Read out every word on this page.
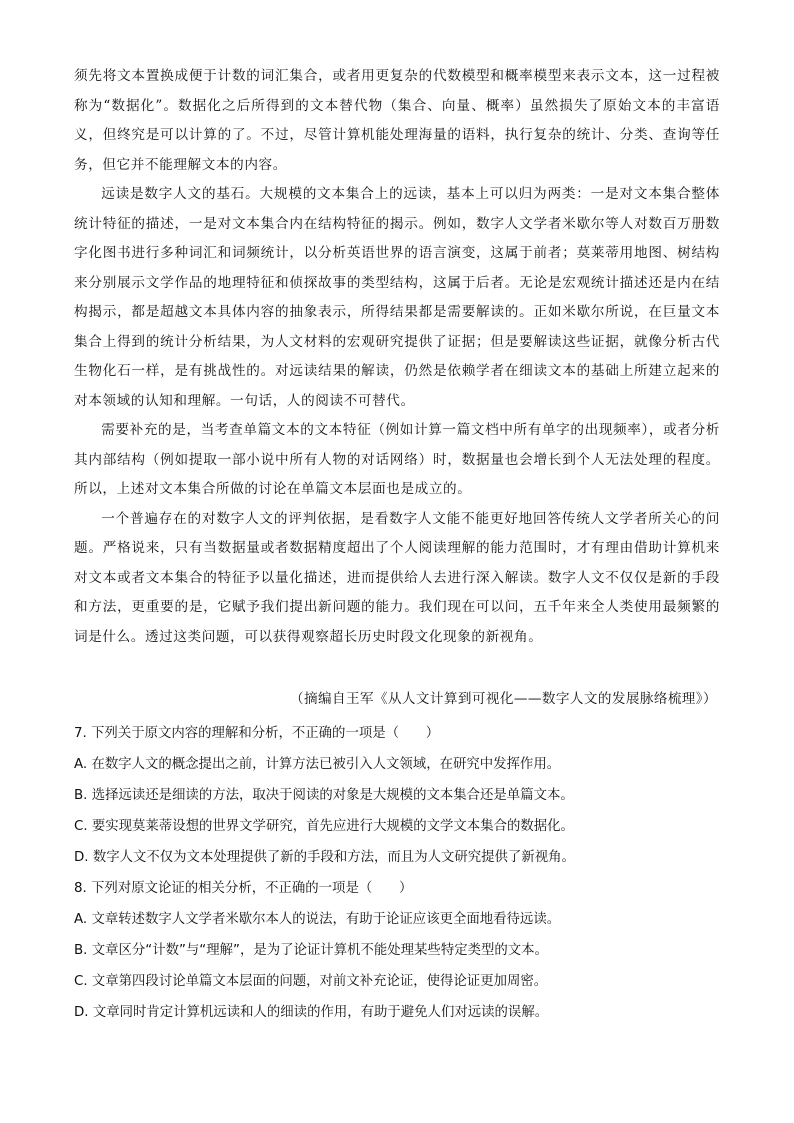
须先将文本置换成便于计数的词汇集合，或者用更复杂的代数模型和概率模型来表示文本，这一过程被称为“数据化”。数据化之后所得到的文本替代物（集合、向量、概率）虽然损失了原始文本的丰富语义，但终究是可以计算的了。不过，尽管计算机能处理海量的语料，执行复杂的统计、分类、查询等任务，但它并不能理解文本的内容。

远读是数字人文的基石。大规模的文本集合上的远读，基本上可以归为两类：一是对文本集合整体统计特征的描述，一是对文本集合内在结构特征的揭示。例如，数字人文学者米歇尔等人对数百万册数字化图书进行多种词汇和词频统计，以分析英语世界的语言演变，这属于前者；莫莱蒂用地图、树结构来分别展示文学作品的地理特征和侦探故事的类型结构，这属于后者。无论是宏观统计描述还是内在结构揭示，都是超越文本具体内容的抽象表示，所得结果都是需要解读的。正如米歇尔所说，在巨量文本集合上得到的统计分析结果，为人文材料的宏观研究提供了证据；但是要解读这些证据，就像分析古代生物化石一样，是有挑战性的。对远读结果的解读，仍然是依赖学者在细读文本的基础上所建立起来的对本领域的认知和理解。一句话，人的阅读不可替代。

需要补充的是，当考查单篇文本的文本特征（例如计算一篇文档中所有单字的出现频率），或者分析其内部结构（例如提取一部小说中所有人物的对话网络）时，数据量也会增长到个人无法处理的程度。所以，上述对文本集合所做的讨论在单篇文本层面也是成立的。

一个普遍存在的对数字人文的评判依据，是看数字人文能不能更好地回答传统人文学者所关心的问题。严格说来，只有当数据量或者数据精度超出了个人阅读理解的能力范围时，才有理由借助计算机来对文本或者文本集合的特征予以量化描述，进而提供给人去进行深入解读。数字人文不仅仅是新的手段和方法，更重要的是，它赋予我们提出新问题的能力。我们现在可以问，五千年来全人类使用最频繁的词是什么。透过这类问题，可以获得观察超长历史时段文化现象的新视角。

（摘编自王军《从人文计算到可视化——数字人文的发展脉络梳理》）
7. 下列关于原文内容的理解和分析，不正确的一项是（　　）
A. 在数字人文的概念提出之前，计算方法已被引入人文领域，在研究中发挥作用。
B. 选择远读还是细读的方法，取决于阅读的对象是大规模的文本集合还是单篇文本。
C. 要实现莫莱蒂设想的世界文学研究，首先应进行大规模的文学文本集合的数据化。
D. 数字人文不仅为文本处理提供了新的手段和方法，而且为人文研究提供了新视角。
8. 下列对原文论证的相关分析，不正确的一项是（　　）
A. 文章转述数字人文学者米歇尔本人的说法，有助于论证应该更全面地看待远读。
B. 文章区分“计数”与“理解”，是为了论证计算机不能处理某些特定类型的文本。
C. 文章第四段讨论单篇文本层面的问题，对前文补充论证，使得论证更加周密。
D. 文章同时肯定计算机远读和人的细读的作用，有助于避免人们对远读的误解。
